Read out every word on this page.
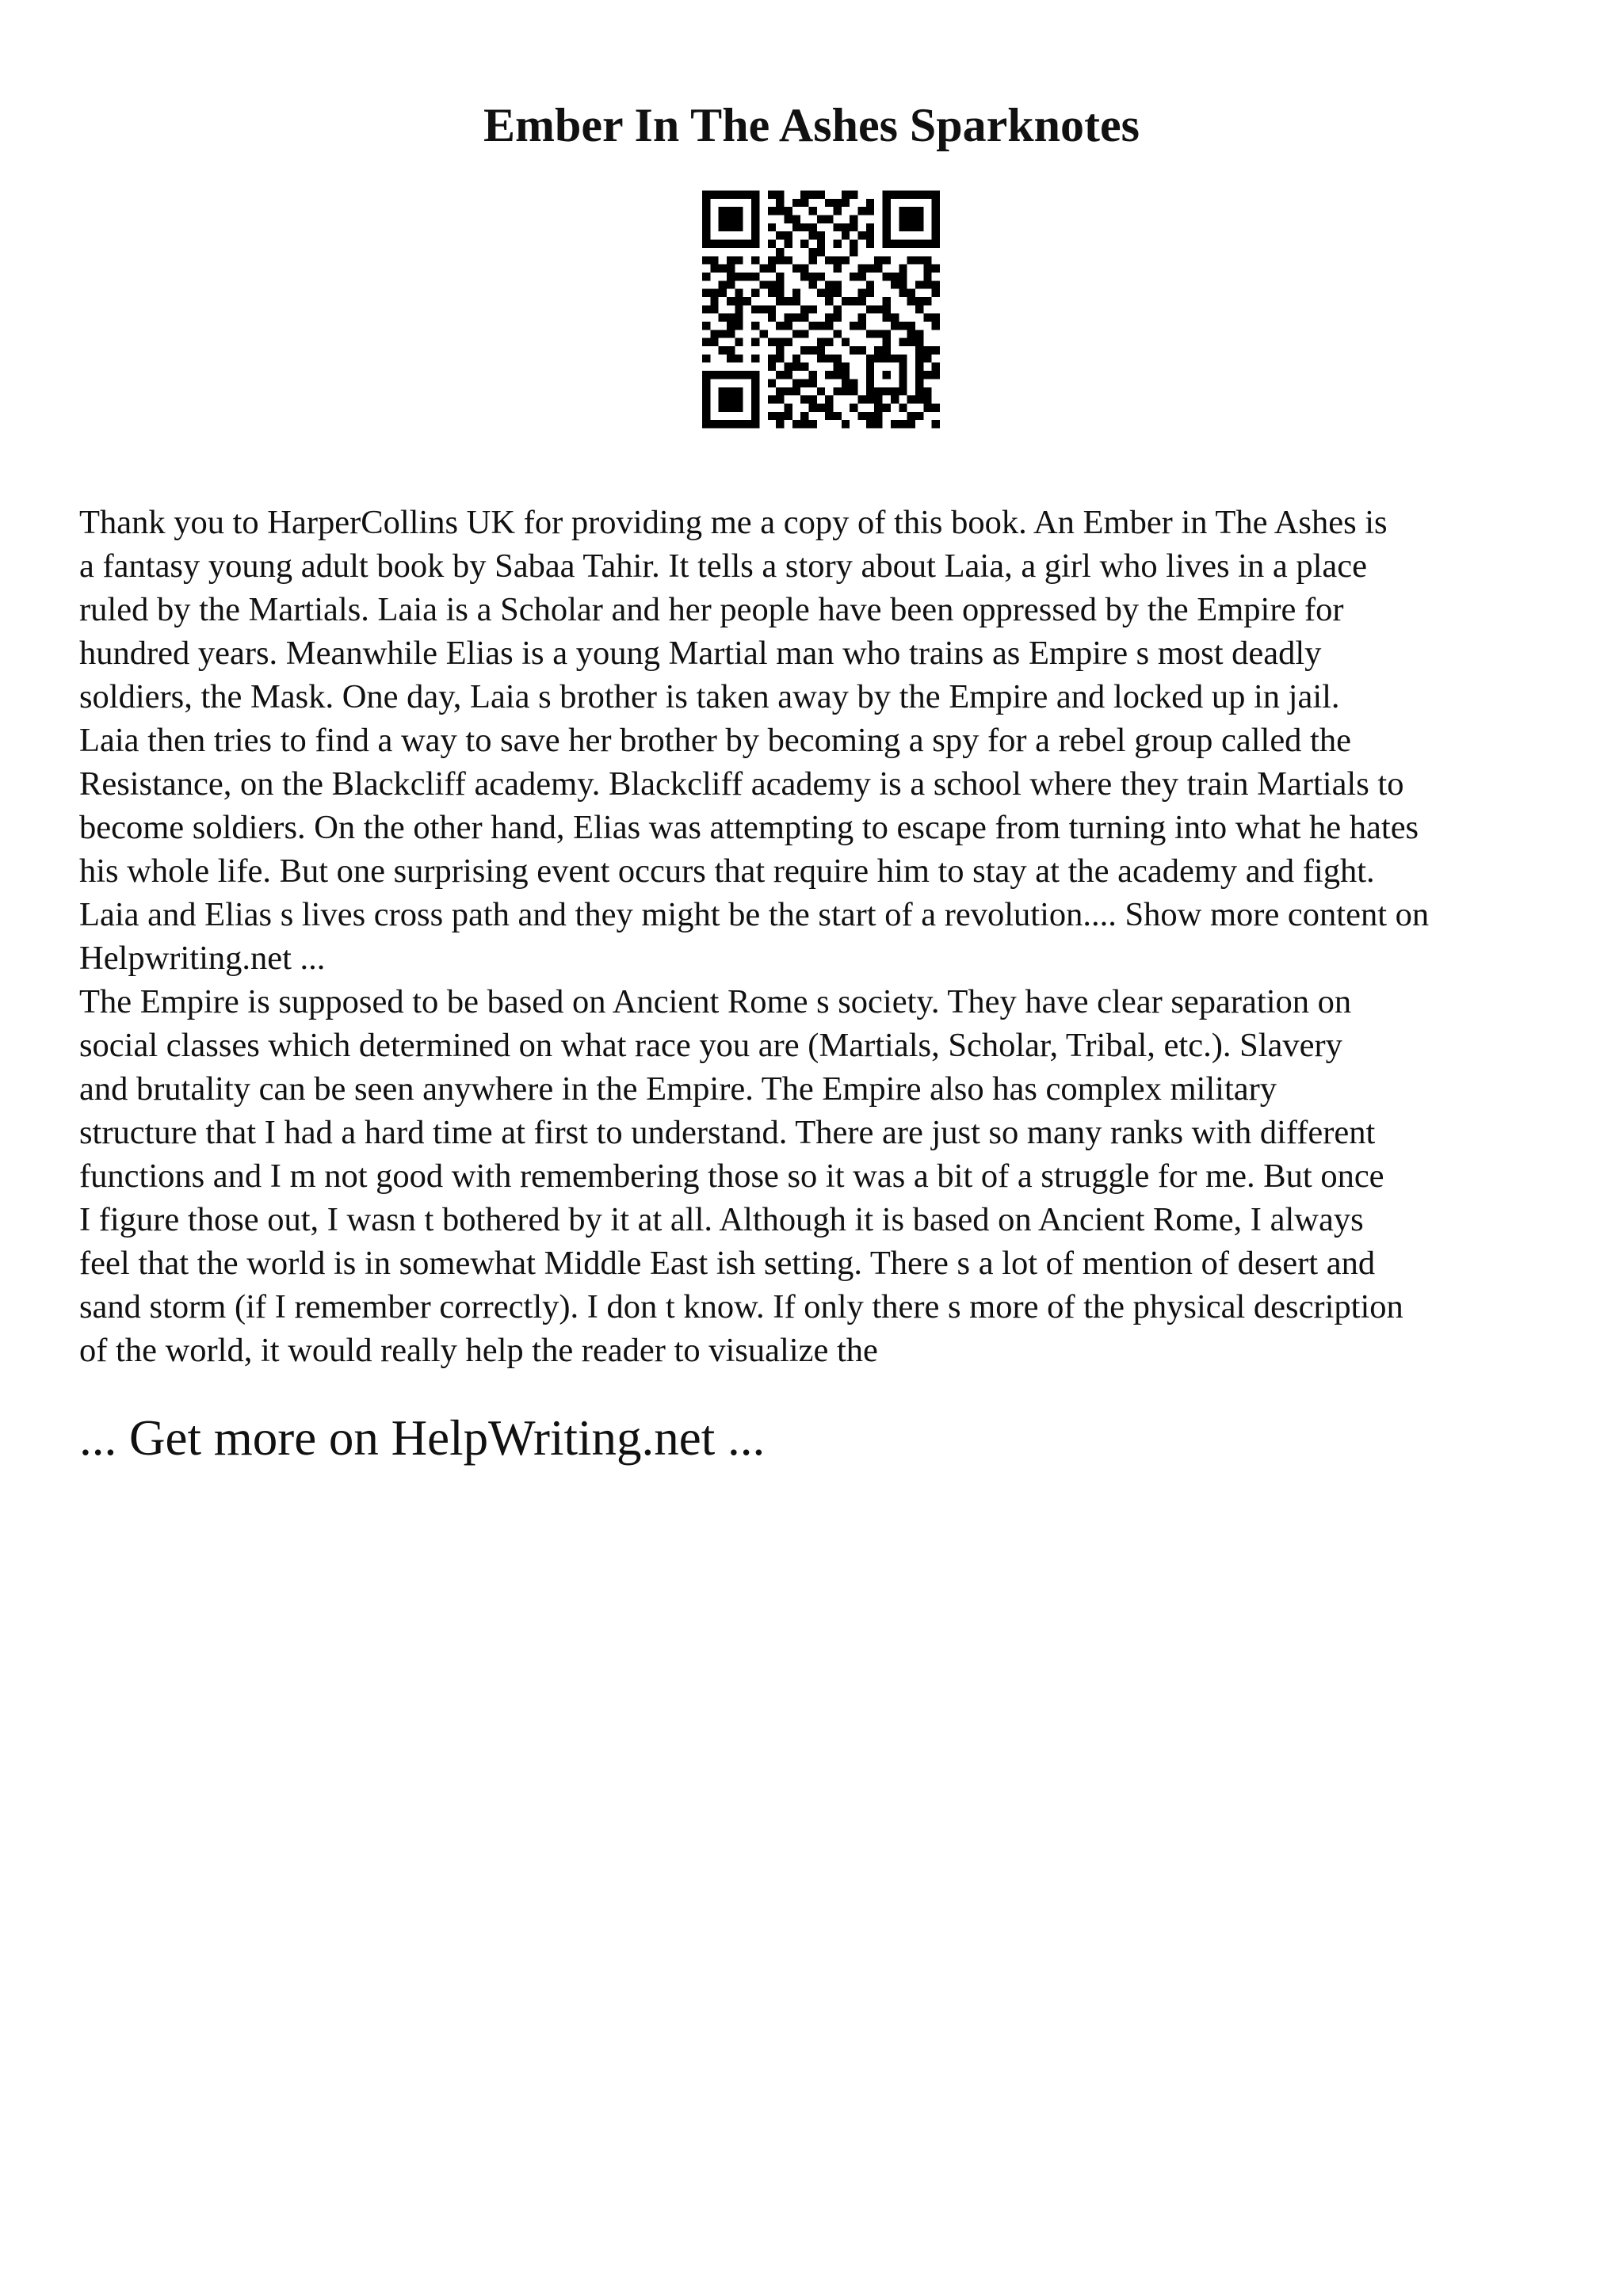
Ember In The Ashes Sparknotes
Thank you to HarperCollins UK for providing me a copy of this book. An Ember in The Ashes is
a fantasy young adult book by Sabaa Tahir. It tells a story about Laia, a girl who lives in a place
ruled by the Martials. Laia is a Scholar and her people have been oppressed by the Empire for
hundred years. Meanwhile Elias is a young Martial man who trains as Empire s most deadly
soldiers, the Mask. One day, Laia s brother is taken away by the Empire and locked up in jail.
Laia then tries to find a way to save her brother by becoming a spy for a rebel group called the
Resistance, on the Blackcliff academy. Blackcliff academy is a school where they train Martials to
become soldiers. On the other hand, Elias was attempting to escape from turning into what he hates
his whole life. But one surprising event occurs that require him to stay at the academy and fight.
Laia and Elias s lives cross path and they might be the start of a revolution.... Show more content on
Helpwriting.net ...
The Empire is supposed to be based on Ancient Rome s society. They have clear separation on
social classes which determined on what race you are (Martials, Scholar, Tribal, etc.). Slavery
and brutality can be seen anywhere in the Empire. The Empire also has complex military
structure that I had a hard time at first to understand. There are just so many ranks with different
functions and I m not good with remembering those so it was a bit of a struggle for me. But once
I figure those out, I wasn t bothered by it at all. Although it is based on Ancient Rome, I always
feel that the world is in somewhat Middle East ish setting. There s a lot of mention of desert and
sand storm (if I remember correctly). I don t know. If only there s more of the physical description
of the world, it would really help the reader to visualize the
... Get more on HelpWriting.net ...
